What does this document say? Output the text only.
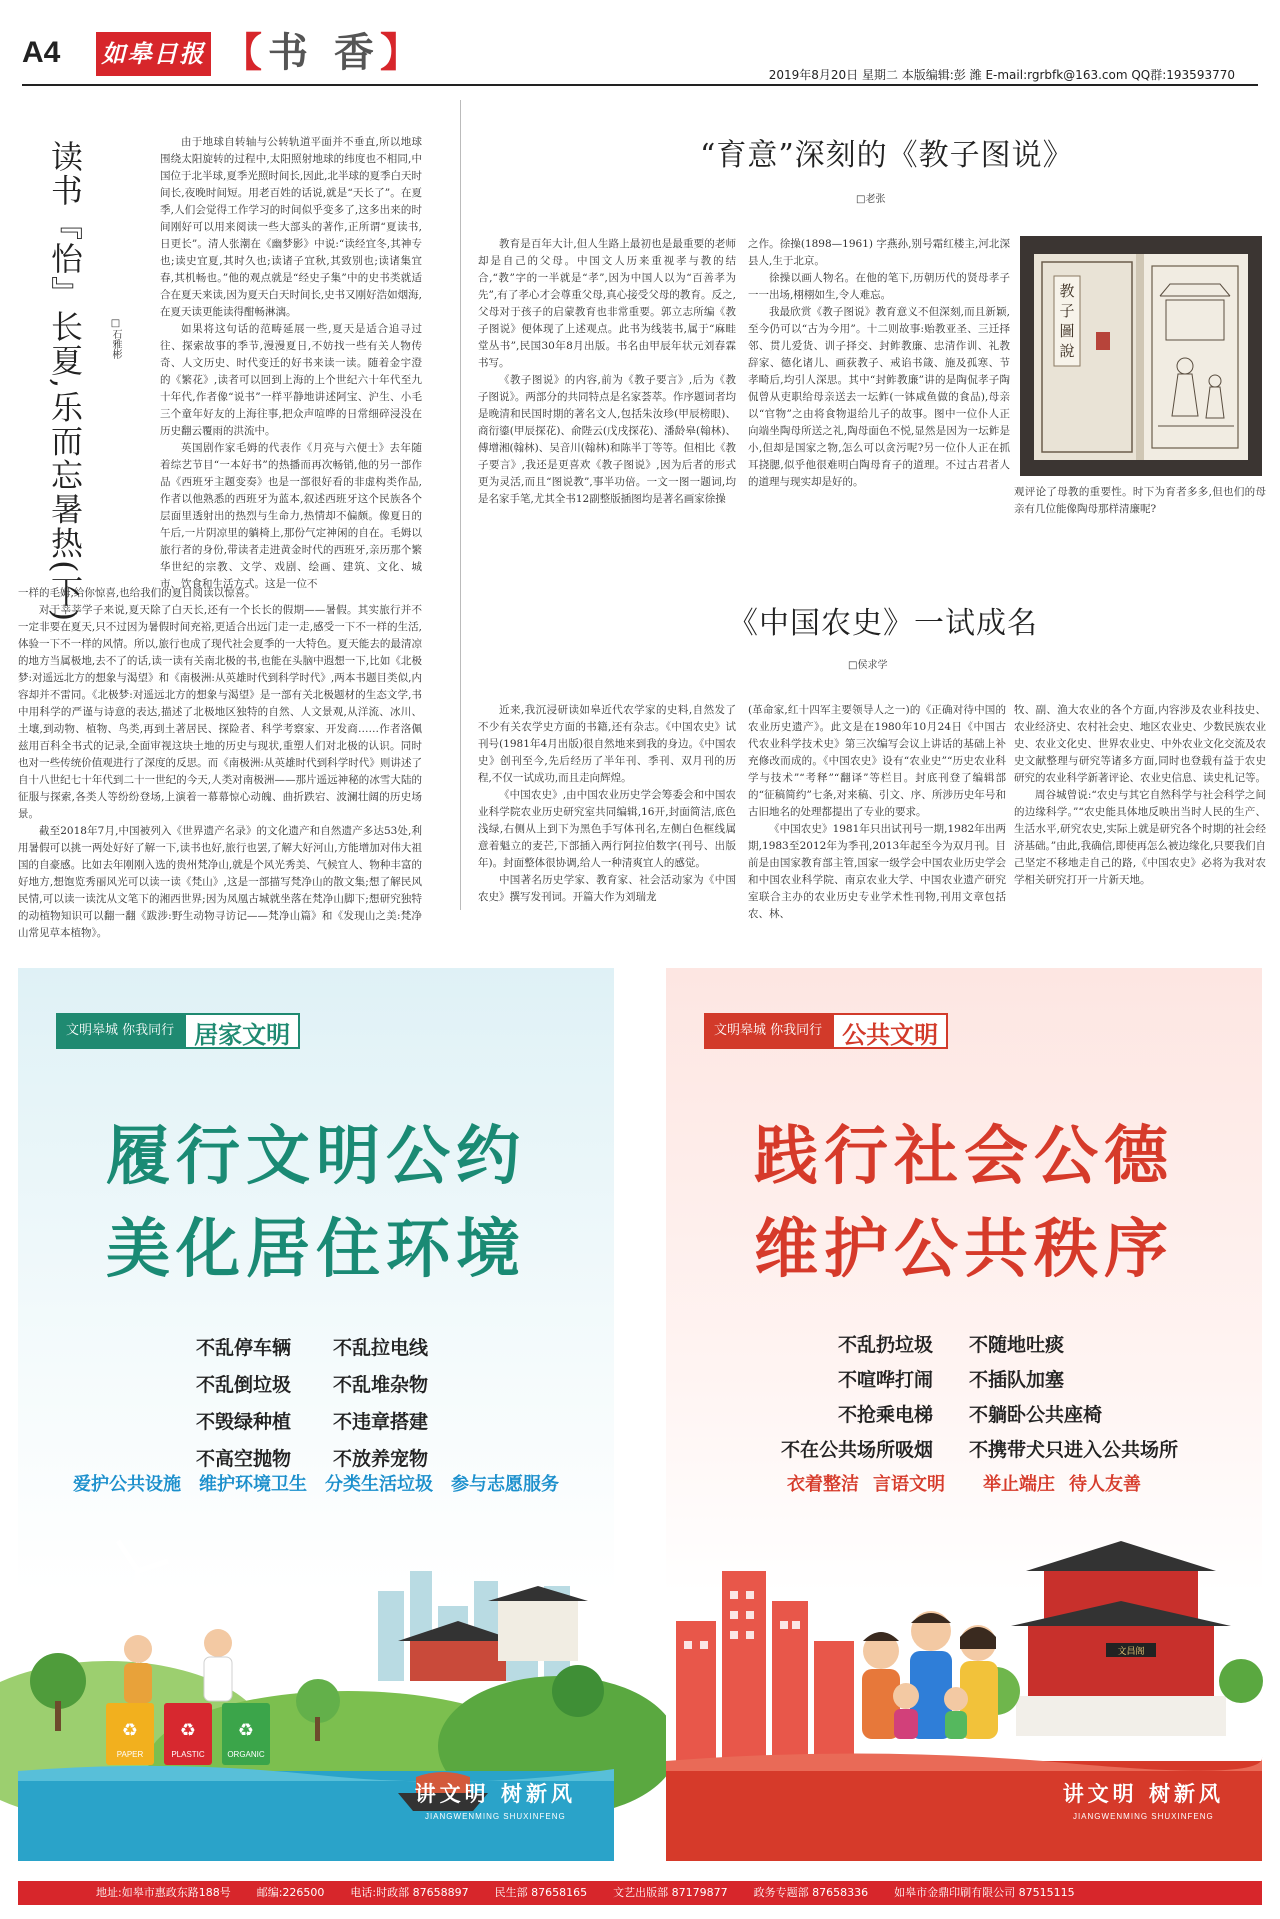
A4 如皋日报 【书 香】	2019年8月20日 星期二 本版编辑:彭 潍 E-mail:rgrbfk@163.com QQ群:193593770
读书『怡』长夏,乐而忘暑热(下)	□石雅彬

由于地球自转轴与公转轨道平面并不垂直,所以地球围绕太阳旋转的过程中,太阳照射地球的纬度也不相同,中国位于北半球,夏季光照时间长,因此,北半球的夏季白天时间长,夜晚时间短。用老百姓的话说,就是“天长了”。在夏季,人们会觉得工作学习的时间似乎变多了,这多出来的时间刚好可以用来阅读一些大部头的著作,正所谓“夏读书,日更长”。清人张潮在《幽梦影》中说:“读经宜冬,其神专也;读史宜夏,其时久也;读诸子宜秋,其致别也;读诸集宜春,其机畅也。”他的观点就是“经史子集”中的史书类就适合在夏天来读,因为夏天白天时间长,史书又刚好浩如烟海,在夏天读更能读得酣畅淋漓。

如果将这句话的范畴延展一些,夏天是适合追寻过往、探索故事的季节,漫漫夏日,不妨找一些有关人物传奇、人文历史、时代变迁的好书来读一读。随着金宇澄的《繁花》,读者可以回到上海的上个世纪六十年代至九十年代,作者像“说书”一样平静地讲述阿宝、沪生、小毛三个童年好友的上海往事,把众声喧哗的日常细碎浸没在历史翻云覆雨的洪流中。

英国剧作家毛姆的代表作《月亮与六便士》去年随着综艺节目“一本好书”的热播而再次畅销,他的另一部作品《西班牙主题变奏》也是一部很好看的非虚构类作品,作者以他熟悉的西班牙为蓝本,叙述西班牙这个民族各个层面里透射出的热烈与生命力,热情却不偏颇。像夏日的午后,一片阴凉里的躺椅上,那份气定神闲的自在。毛姆以旅行者的身份,带读者走进黄金时代的西班牙,亲历那个繁华世纪的宗教、文学、戏剧、绘画、建筑、文化、城市、饮食和生活方式。这是一位不

一样的毛姆,给你惊喜,也给我们的夏日阅读以惊喜。

对于莘莘学子来说,夏天除了白天长,还有一个长长的假期——暑假。其实旅行并不一定非要在夏天,只不过因为暑假时间充裕,更适合出远门走一走,感受一下不一样的生活,体验一下不一样的风情。所以,旅行也成了现代社会夏季的一大特色。夏天能去的最清凉的地方当属极地,去不了的话,读一读有关南北极的书,也能在头脑中遐想一下,比如《北极梦:对遥远北方的想象与渴望》和《南极洲:从英雄时代到科学时代》,两本书题目类似,内容却并不雷同。《北极梦:对遥远北方的想象与渴望》是一部有关北极题材的生态文学,书中用科学的严谨与诗意的表达,描述了北极地区独特的自然、人文景观,从洋流、冰川、土壤,到动物、植物、鸟类,再到土著居民、探险者、科学考察家、开发商……作者洛佩兹用百科全书式的记录,全面审视这块土地的历史与现状,重塑人们对北极的认识。同时也对一些传统价值观进行了深度的反思。而《南极洲:从英雄时代到科学时代》则讲述了自十八世纪七十年代到二十一世纪的今天,人类对南极洲——那片遥远神秘的冰雪大陆的征服与探索,各类人等纷纷登场,上演着一幕幕惊心动魄、曲折跌宕、波澜壮阔的历史场景。

截至2018年7月,中国被列入《世界遗产名录》的文化遗产和自然遗产多达53处,利用暑假可以挑一两处好好了解一下,读书也好,旅行也罢,了解大好河山,方能增加对伟大祖国的自豪感。比如去年刚刚入选的贵州梵净山,就是个风光秀美、气候宜人、物种丰富的好地方,想饱览秀丽风光可以读一读《梵山》,这是一部描写梵净山的散文集;想了解民风民情,可以读一读沈从文笔下的湘西世界;因为凤凰古城就坐落在梵净山脚下;想研究独特的动植物知识可以翻一翻《跋涉:野生动物寻访记——梵净山篇》和《发现山之美:梵净山常见草本植物》。

“育意”深刻的《教子图说》
□老张

教育是百年大计,但人生路上最初也是最重要的老师却是自己的父母。中国文人历来重视孝与教的结合,“教”字的一半就是“孝”,因为中国人以为“百善孝为先”,有了孝心才会尊重父母,真心接受父母的教育。反之,父母对于孩子的启蒙教育也非常重要。郭立志所编《教子图说》便体现了上述观点。此书为线装书,属于“麻畦堂丛书”,民国30年8月出版。书名由甲辰年状元刘春霖书写。

《教子图说》的内容,前为《教子要言》,后为《教子图说》。两部分的共同特点是名家荟萃。作序题词者均是晚清和民国时期的著名文人,包括朱汝珍(甲辰榜眼)、商衍鎏(甲辰探花)、俞陛云(戊戌探花)、潘龄皋(翰林)、傅增湘(翰林)、吴音川(翰林)和陈半丁等等。但相比《教子要言》,我还是更喜欢《教子图说》,因为后者的形式更为灵活,而且“图说教”,事半功倍。一文一图一题词,均是名家手笔,尤其全书12副整版插图均是著名画家徐操

之作。徐操(1898—1961) 字燕孙,别号霜红楼主,河北深县人,生于北京。

徐操以画人物名。在他的笔下,历朝历代的贤母孝子一一出场,栩栩如生,令人难忘。

我最欣赏《教子图说》教育意义不但深刻,而且新颖,至今仍可以“古为今用”。十二则故事:贻教亚圣、三迁择邻、贯儿爱货、训子择交、封鲊教廉、忠清作训、礼教辞家、德化诸儿、画荻教子、戒谄书箴、施及孤寒、节孝畸后,均引人深思。其中“封鲊教廉”讲的是陶侃孝子陶侃曾从吏职给母亲送去一坛鲊(一钵咸鱼做的食品),母亲以“官物”之由将食物退给儿子的故事。图中一位仆人正向端坐陶母所送之礼,陶母面色不悦,显然是因为一坛鲊是小,但却是国家之物,怎么可以贪污呢?另一位仆人正在抓耳挠腮,似乎他很难明白陶母育子的道理。不过古君者人的道理与现实却是好的。

教
子
圖
說

观评论了母教的重要性。时下为育者多多,但也们的母亲有几位能像陶母那样清廉呢?

《中国农史》一试成名
□侯求学

近来,我沉浸研读如皋近代农学家的史料,自然发了不少有关农学史方面的书籍,还有杂志。《中国农史》试刊号(1981年4月出版)很自然地来到我的身边。《中国农史》创刊至今,先后经历了半年刊、季刊、双月刊的历程,不仅一试成功,而且走向辉煌。

《中国农史》,由中国农业历史学会筹委会和中国农业科学院农业历史研究室共同编辑,16开,封面简洁,底色浅绿,右侧从上到下为黑色手写体刊名,左侧白色框线属意着魁立的麦芒,下部插入两行阿拉伯数字(刊号、出版年)。封面整体很协调,给人一种清爽宜人的感觉。

中国著名历史学家、教育家、社会活动家为《中国农史》撰写发刊词。开篇大作为刘瑞龙

(革命家,红十四军主要领导人之一)的《正确对待中国的农业历史遗产》。此文是在1980年10月24日《中国古代农业科学技术史》第三次编写会议上讲话的基础上补充修改而成的。《中国农史》设有“农业史”“历史农业科学与技术”“考释”“翻译”等栏目。封底刊登了编辑部的“征稿简约”七条,对来稿、引文、序、所涉历史年号和古旧地名的处理都提出了专业的要求。

《中国农史》1981年只出试刊号一期,1982年出两期,1983至2012年为季刊,2013年起至今为双月刊。目前是由国家教育部主管,国家一级学会中国农业历史学会和中国农业科学院、南京农业大学、中国农业遗产研究室联合主办的农业历史专业学术性刊物,刊用文章包括农、林、

牧、副、渔大农业的各个方面,内容涉及农业科技史、农业经济史、农村社会史、地区农业史、少数民族农业史、农业文化史、世界农业史、中外农业文化交流及农史文献整理与研究等诸多方面,同时也登载有益于农史研究的农业科学新著评论、农业史信息、读史札记等。

周谷城曾说:“农史与其它自然科学与社会科学之间的边缘科学。”“农史能具体地反映出当时人民的生产、生活水平,研究农史,实际上就是研究各个时期的社会经济基础。”由此,我确信,即使再怎么被边缘化,只要我们自己坚定不移地走自己的路,《中国农史》必将为我对农学相关研究打开一片新天地。

文明皋城 你我同行 居家文明
履行文明公约
美化居住环境
不乱停车辆 不乱拉电线
不乱倒垃圾 不乱堆杂物
不毁绿种植 不违章搭建
不高空抛物 不放养宠物
爱护公共设施 维护环境卫生 分类生活垃圾 参与志愿服务
PAPER	PLASTIC	ORGANIC
♻ ♻ ♻
讲文明 树新风
JIANGWENMING SHUXINFENG
文明皋城 你我同行 公共文明
践行社会公德
维护公共秩序
不乱扔垃圾 不随地吐痰
不喧哗打闹 不插队加塞
不抢乘电梯 不躺卧公共座椅
不在公共场所吸烟 不携带犬只进入公共场所
衣着整洁 言语文明 举止端庄 待人友善
文昌阁
讲文明 树新风
JIANGWENMING SHUXINFENG
地址:如皋市惠政东路188号 邮编:226500 电话:时政部 87658897 民生部 87658165 文艺出版部 87179877 政务专题部 87658336 如皋市金鼎印刷有限公司 87515115
